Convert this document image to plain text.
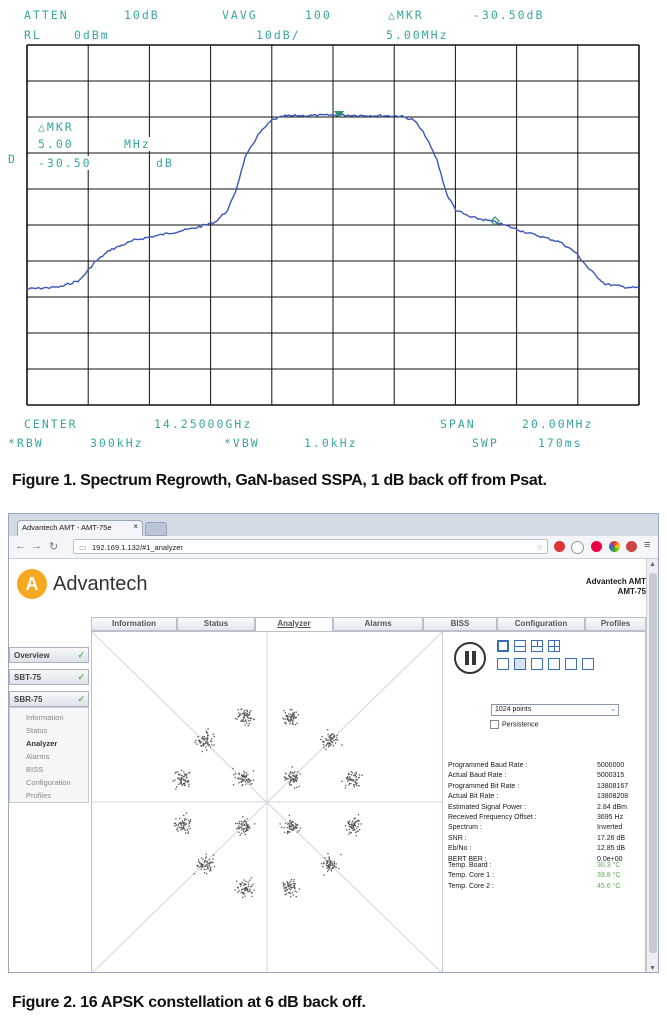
ATTEN	10dB	VAVG	100	△MKR	-30.50dB
RL	0dBm	10dB/	5.00MHz
△MKR
5.00	MHz
-30.50	dB
D
CENTER	14.25000GHz	SPAN	20.00MHz
*RBW	300kHz	*VBW	1.0kHz	SWP	170ms
Figure 1. Spectrum Regrowth, GaN-based SSPA, 1 dB back off from Psat.
Advantech AMT - AMT-75e	×
← → ↻	▭ 192.169.1.132/#1_analyzer	☆	≡
A Advantech	Advantech AMT
AMT-75
Overview	✓
SBT-75	✓
SBR-75	✓
Information
Status
Analyzer
Alarms
BISS
Configuration
Profiles
Information	Status	Analyzer	Alarms	BISS	Configuration	Profiles
1024 points	⌄
Persistence
Programmed Baud Rate :	5000000
Actual Baud Rate :	5000315
Programmed Bit Rate :	13808167
Actual Bit Rate :	13808208
Estimated Signal Power :	2.84 dBm
Received Frequency Offset :	3695 Hz
Spectrum :	Inverted
SNR :	17.26 dB
Eb/No :	12.85 dB
BERT BER :	0.0e+00
Temp. Board :	30.3 °C
Temp. Core 1 :	39.8 °C
Temp. Core 2 :	45.6 °C
▲
▼
Figure 2. 16 APSK constellation at 6 dB back off.
